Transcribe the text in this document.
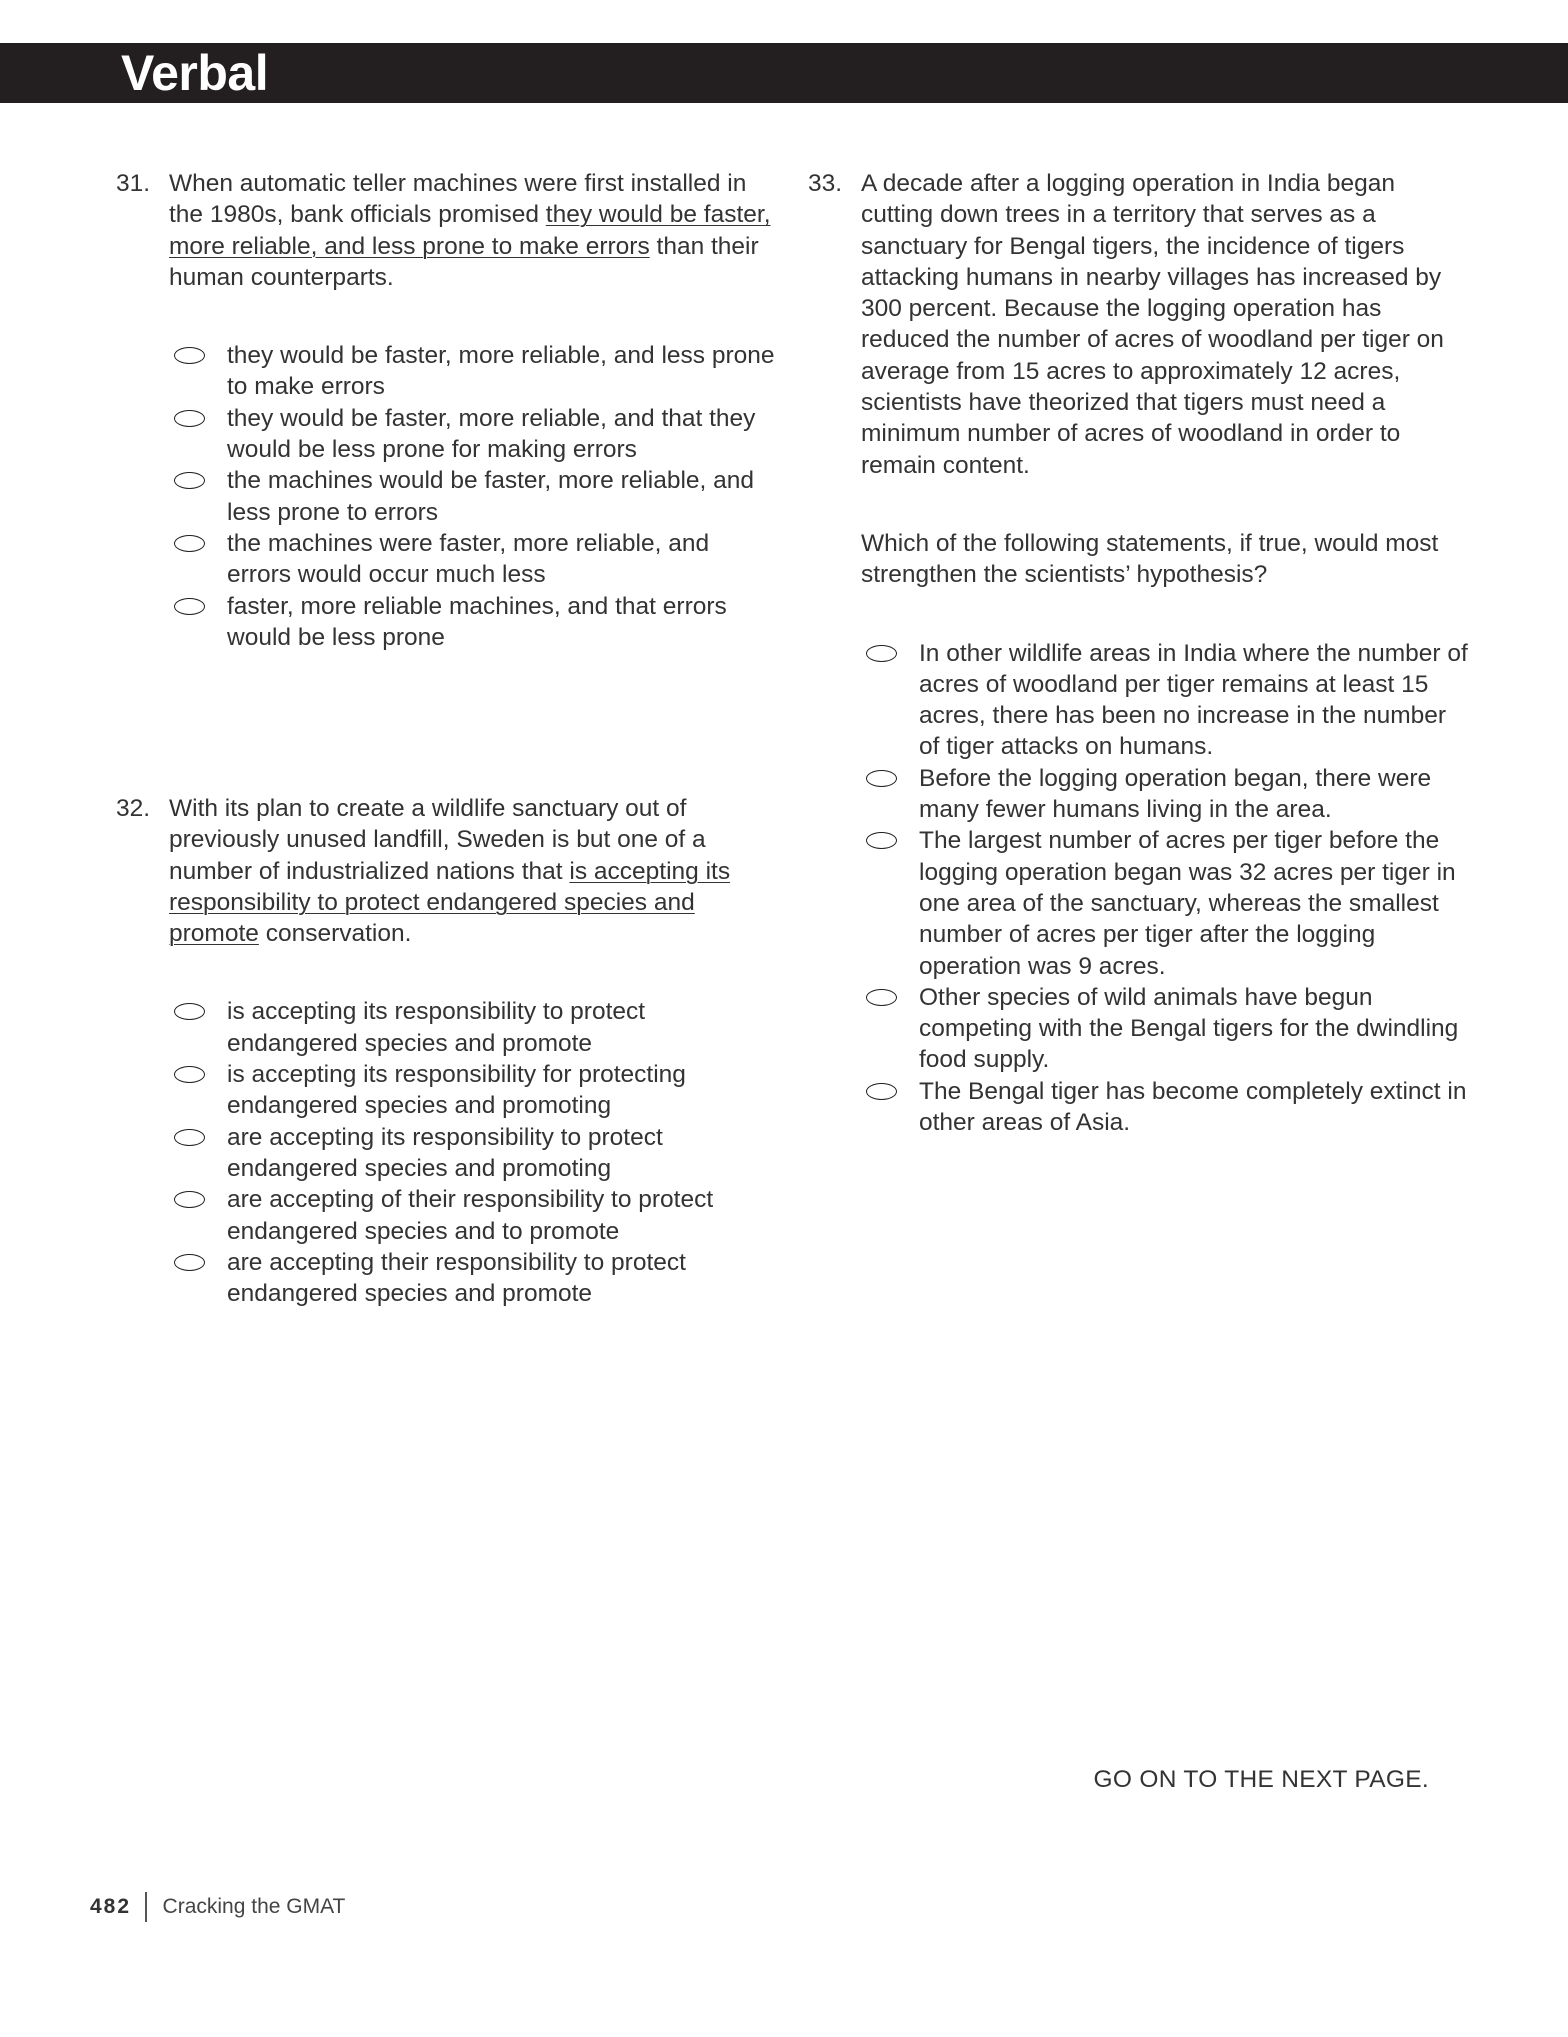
Verbal
31. When automatic teller machines were first installed in the 1980s, bank officials promised they would be faster, more reliable, and less prone to make errors than their human counterparts.

they would be faster, more reliable, and less prone to make errors
they would be faster, more reliable, and that they would be less prone for making errors
the machines would be faster, more reliable, and less prone to errors
the machines were faster, more reliable, and errors would occur much less
faster, more reliable machines, and that errors would be less prone
32. With its plan to create a wildlife sanctuary out of previously unused landfill, Sweden is but one of a number of industrialized nations that is accepting its responsibility to protect endangered species and promote conservation.

is accepting its responsibility to protect endangered species and promote
is accepting its responsibility for protecting endangered species and promoting
are accepting its responsibility to protect endangered species and promoting
are accepting of their responsibility to protect endangered species and to promote
are accepting their responsibility to protect endangered species and promote
33. A decade after a logging operation in India began cutting down trees in a territory that serves as a sanctuary for Bengal tigers, the incidence of tigers attacking humans in nearby villages has increased by 300 percent. Because the logging operation has reduced the number of acres of woodland per tiger on average from 15 acres to approximately 12 acres, scientists have theorized that tigers must need a minimum number of acres of woodland in order to remain content.

Which of the following statements, if true, would most strengthen the scientists’ hypothesis?

In other wildlife areas in India where the number of acres of woodland per tiger remains at least 15 acres, there has been no increase in the number of tiger attacks on humans.
Before the logging operation began, there were many fewer humans living in the area.
The largest number of acres per tiger before the logging operation began was 32 acres per tiger in one area of the sanctuary, whereas the smallest number of acres per tiger after the logging operation was 9 acres.
Other species of wild animals have begun competing with the Bengal tigers for the dwindling food supply.
The Bengal tiger has become completely extinct in other areas of Asia.
GO ON TO THE NEXT PAGE.
482 Cracking the GMAT
